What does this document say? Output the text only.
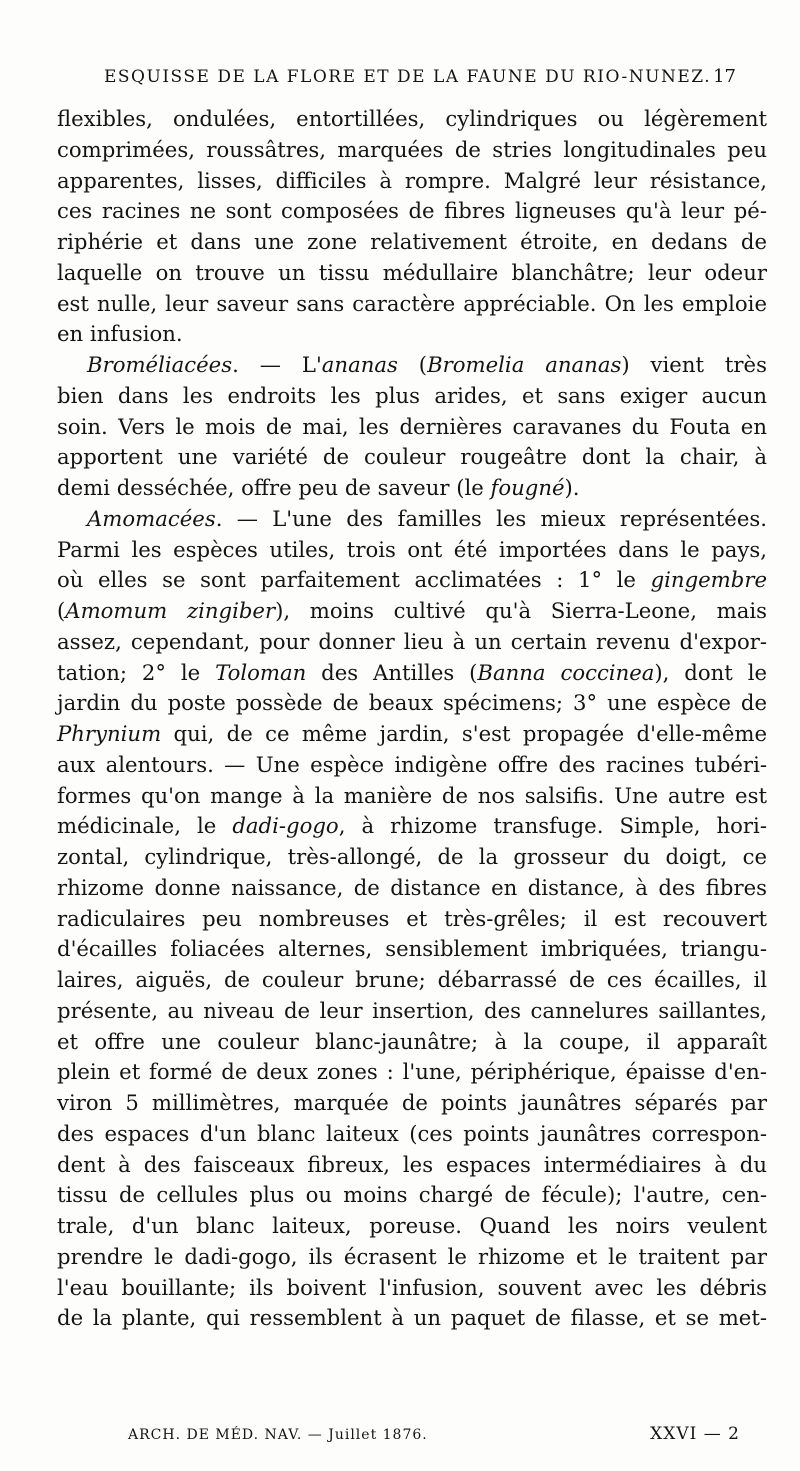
ESQUISSE DE LA FLORE ET DE LA FAUNE DU RIO-NUNEZ. 17
flexibles, ondulées, entortillées, cylindriques ou légèrement
comprimées, roussâtres, marquées de stries longitudinales peu
apparentes, lisses, difficiles à rompre. Malgré leur résistance,
ces racines ne sont composées de fibres ligneuses qu'à leur pé-
riphérie et dans une zone relativement étroite, en dedans de
laquelle on trouve un tissu médullaire blanchâtre; leur odeur
est nulle, leur saveur sans caractère appréciable. On les emploie
en infusion.
Broméliacées. — L'ananas (Bromelia ananas) vient très
bien dans les endroits les plus arides, et sans exiger aucun
soin. Vers le mois de mai, les dernières caravanes du Fouta en
apportent une variété de couleur rougeâtre dont la chair, à
demi desséchée, offre peu de saveur (le fougné).
Amomacées. — L'une des familles les mieux représentées.
Parmi les espèces utiles, trois ont été importées dans le pays,
où elles se sont parfaitement acclimatées : 1° le gingembre
(Amomum zingiber), moins cultivé qu'à Sierra-Leone, mais
assez, cependant, pour donner lieu à un certain revenu d'expor-
tation; 2° le Toloman des Antilles (Banna coccinea), dont le
jardin du poste possède de beaux spécimens; 3° une espèce de
Phrynium qui, de ce même jardin, s'est propagée d'elle-même
aux alentours. — Une espèce indigène offre des racines tubéri-
formes qu'on mange à la manière de nos salsifis. Une autre est
médicinale, le dadi-gogo, à rhizome transfuge. Simple, hori-
zontal, cylindrique, très-allongé, de la grosseur du doigt, ce
rhizome donne naissance, de distance en distance, à des fibres
radiculaires peu nombreuses et très-grêles; il est recouvert
d'écailles foliacées alternes, sensiblement imbriquées, triangu-
laires, aiguës, de couleur brune; débarrassé de ces écailles, il
présente, au niveau de leur insertion, des cannelures saillantes,
et offre une couleur blanc-jaunâtre; à la coupe, il apparaît
plein et formé de deux zones : l'une, périphérique, épaisse d'en-
viron 5 millimètres, marquée de points jaunâtres séparés par
des espaces d'un blanc laiteux (ces points jaunâtres correspon-
dent à des faisceaux fibreux, les espaces intermédiaires à du
tissu de cellules plus ou moins chargé de fécule); l'autre, cen-
trale, d'un blanc laiteux, poreuse. Quand les noirs veulent
prendre le dadi-gogo, ils écrasent le rhizome et le traitent par
l'eau bouillante; ils boivent l'infusion, souvent avec les débris
de la plante, qui ressemblent à un paquet de filasse, et se met-
ARCH. DE MÉD. NAV. — Juillet 1876.	XXVI — 2
